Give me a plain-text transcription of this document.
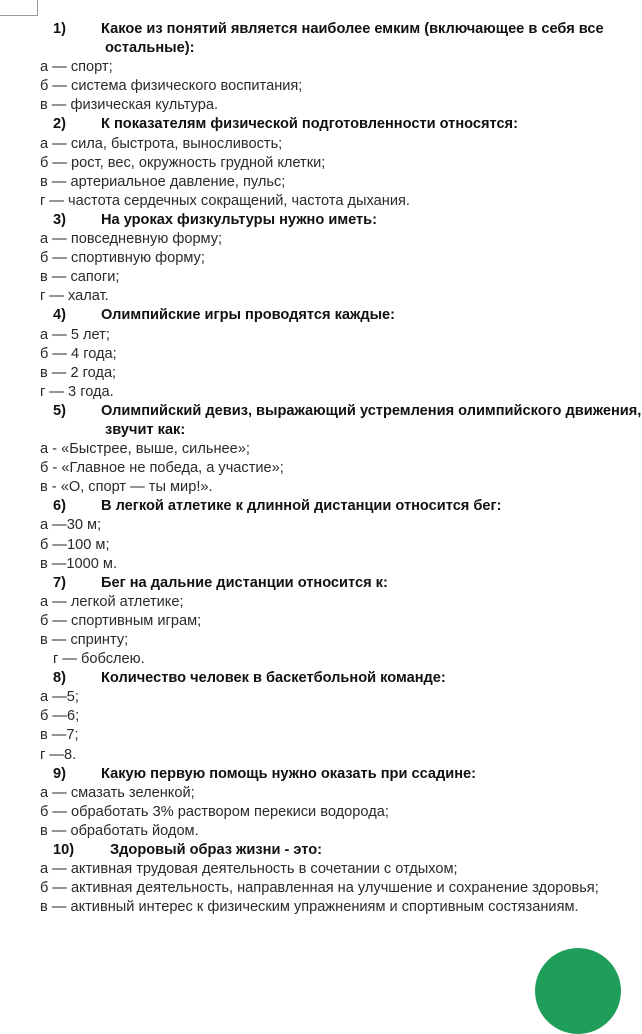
1) Какое из понятий является наиболее емким (включающее в себя все
остальные):
а — спорт;
б — система физического воспитания;
в — физическая культура.
2) К показателям физической подготовленности относятся:
а — сила, быстрота, выносливость;
б — рост, вес, окружность грудной клетки;
в — артериальное давление, пульс;
г — частота сердечных сокращений, частота дыхания.
3) На уроках физкультуры нужно иметь:
а — повседневную форму;
б — спортивную форму;
в — сапоги;
г — халат.
4) Олимпийские игры проводятся каждые:
а — 5 лет;
б — 4 года;
в — 2 года;
г — 3 года.
5) Олимпийский девиз, выражающий устремления олимпийского движения,
звучит как:
а - «Быстрее, выше, сильнее»;
б - «Главное не победа, а участие»;
в - «О, спорт — ты мир!».
6) В легкой атлетике к длинной дистанции относится бег:
а —30 м;
б —100 м;
в —1000 м.
7) Бег на дальние дистанции относится к:
а — легкой атлетике;
б — спортивным играм;
в — спринту;
г — бобслею.
8) Количество человек в баскетбольной команде:
а —5;
б —6;
в —7;
г —8.
9) Какую первую помощь нужно оказать при ссадине:
а — смазать зеленкой;
б — обработать 3% раствором перекиси водорода;
в — обработать йодом.
10) Здоровый образ жизни - это:
а — активная трудовая деятельность в сочетании с отдыхом;
б — активная деятельность, направленная на улучшение и сохранение здоровья;
в — активный интерес к физическим упражнениям и спортивным состязаниям.
